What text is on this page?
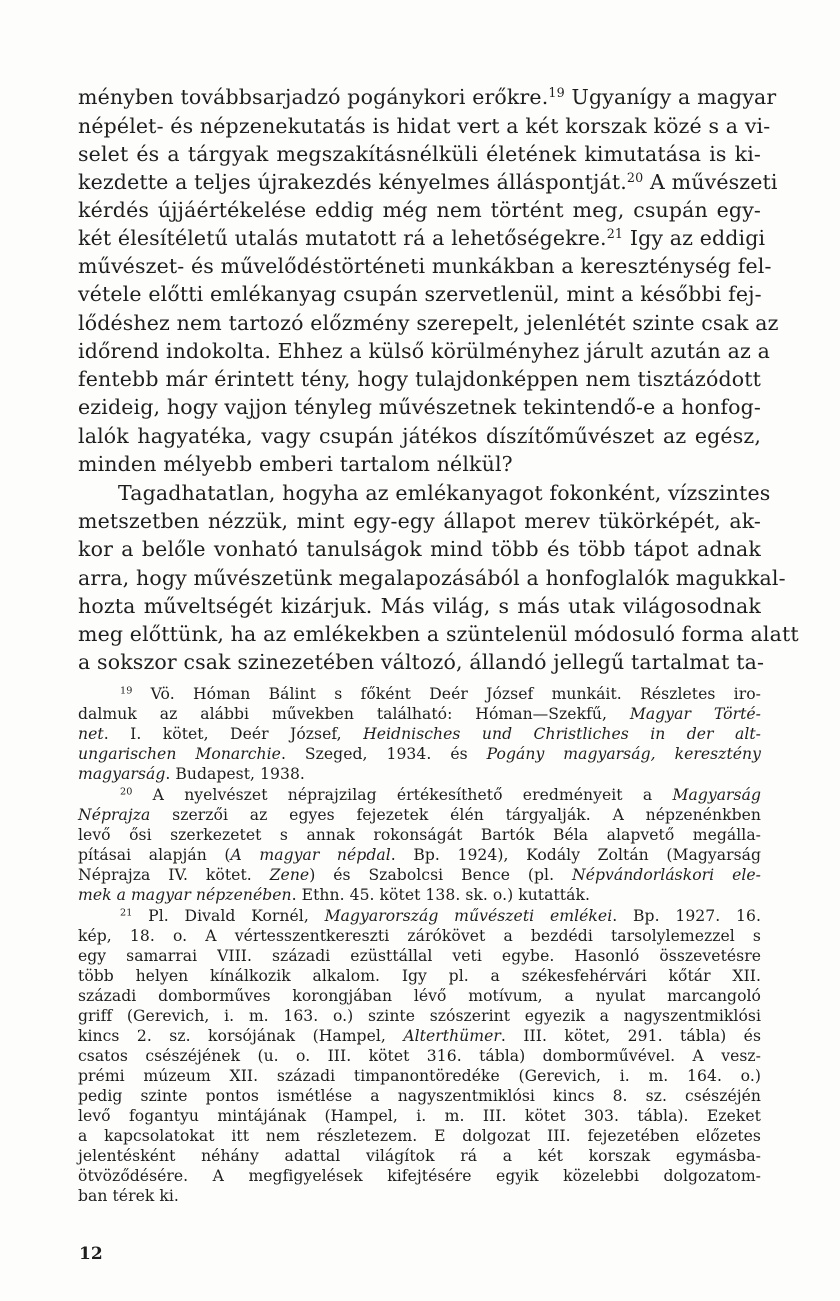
ményben továbbsarjadzó pogánykori erőkre.$^{19}$ Ugyanígy a magyar
népélet- és népzenekutatás is hidat vert a két korszak közé s a vi-
selet és a tárgyak megszakításnélküli életének kimutatása is ki-
kezdette a teljes újrakezdés kényelmes álláspontját.$^{20}$ A művészeti
kérdés újjáértékelése eddig még nem történt meg, csupán egy-
két élesítéletű utalás mutatott rá a lehetőségekre.$^{21}$ Igy az eddigi
művészet- és művelődéstörténeti munkákban a kereszténység fel-
vétele előtti emlékanyag csupán szervetlenül, mint a későbbi fej-
lődéshez nem tartozó előzmény szerepelt, jelenlétét szinte csak az
időrend indokolta. Ehhez a külső körülményhez járult azután az a
fentebb már érintett tény, hogy tulajdonképpen nem tisztázódott
ezideig, hogy vajjon tényleg művészetnek tekintendő-e a honfog-
lalók hagyatéka, vagy csupán játékos díszítőművészet az egész,
minden mélyebb emberi tartalom nélkül?
Tagadhatatlan, hogyha az emlékanyagot fokonként, vízszintes
metszetben nézzük, mint egy-egy állapot merev tükörképét, ak-
kor a belőle vonható tanulságok mind több és több tápot adnak
arra, hogy művészetünk megalapozásából a honfoglalók magukkal-
hozta műveltségét kizárjuk. Más világ, s más utak világosodnak
meg előttünk, ha az emlékekben a szüntelenül módosuló forma alatt
a sokszor csak szinezetében változó, állandó jellegű tartalmat ta-
$^{19}$ Vö. Hóman Bálint s főként Deér József munkáit. Részletes iro-
dalmuk az alábbi művekben található: Hóman—Szekfű, Magyar Törté-
net. I. kötet, Deér József, Heidnisches und Christliches in der alt-
ungarischen Monarchie. Szeged, 1934. és Pogány magyarság, keresztény
magyarság. Budapest, 1938.
$^{20}$ A nyelvészet néprajzilag értékesíthető eredményeit a Magyarság
Néprajza szerzői az egyes fejezetek élén tárgyalják. A népzenénkben
levő ősi szerkezetet s annak rokonságát Bartók Béla alapvető megálla-
pításai alapján (A magyar népdal. Bp. 1924), Kodály Zoltán (Magyarság
Néprajza IV. kötet. Zene) és Szabolcsi Bence (pl. Népvándorláskori ele-
mek a magyar népzenében. Ethn. 45. kötet 138. sk. o.) kutatták.
$^{21}$ Pl. Divald Kornél, Magyarország művészeti emlékei. Bp. 1927. 16.
kép, 18. o. A vértesszentkereszti zárókövet a bezdédi tarsolylemezzel s
egy samarrai VIII. századi ezüsttállal veti egybe. Hasonló összevetésre
több helyen kínálkozik alkalom. Igy pl. a székesfehérvári kőtár XII.
századi domborműves korongjában lévő motívum, a nyulat marcangoló
griff (Gerevich, i. m. 163. o.) szinte szószerint egyezik a nagyszentmiklósi
kincs 2. sz. korsójának (Hampel, Alterthümer. III. kötet, 291. tábla) és
csatos csészéjének (u. o. III. kötet 316. tábla) domborművével. A vesz-
prémi múzeum XII. századi timpanontöredéke (Gerevich, i. m. 164. o.)
pedig szinte pontos ismétlése a nagyszentmiklósi kincs 8. sz. csészéjén
levő fogantyu mintájának (Hampel, i. m. III. kötet 303. tábla). Ezeket
a kapcsolatokat itt nem részletezem. E dolgozat III. fejezetében előzetes
jelentésként néhány adattal világítok rá a két korszak egymásba-
ötvöződésére. A megfigyelések kifejtésére egyik közelebbi dolgozatom-
ban térek ki.
12
